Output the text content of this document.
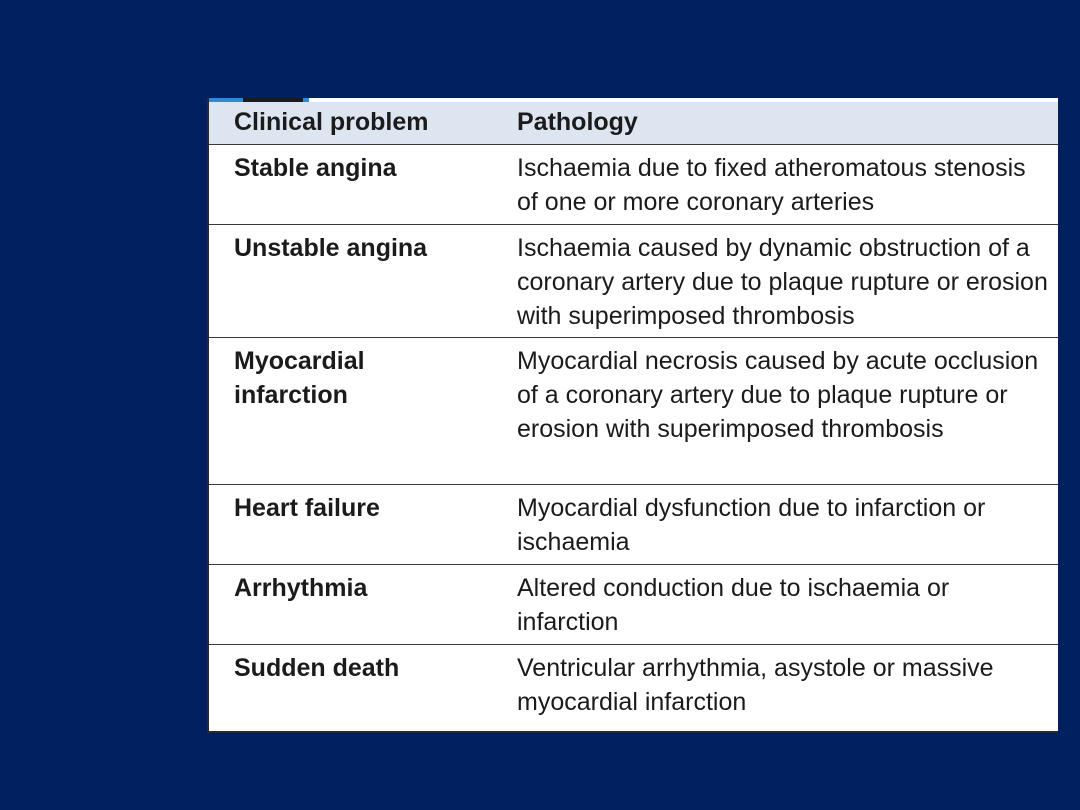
Clinical problem	Pathology
Stable angina	Ischaemia due to fixed atheromatous stenosis of one or more coronary arteries
Unstable angina	Ischaemia caused by dynamic obstruction of a coronary artery due to plaque rupture or erosion with superimposed thrombosis
Myocardial infarction	Myocardial necrosis caused by acute occlusion of a coronary artery due to plaque rupture or erosion with superimposed thrombosis
Heart failure	Myocardial dysfunction due to infarction or ischaemia
Arrhythmia	Altered conduction due to ischaemia or infarction
Sudden death	Ventricular arrhythmia, asystole or massive myocardial infarction
